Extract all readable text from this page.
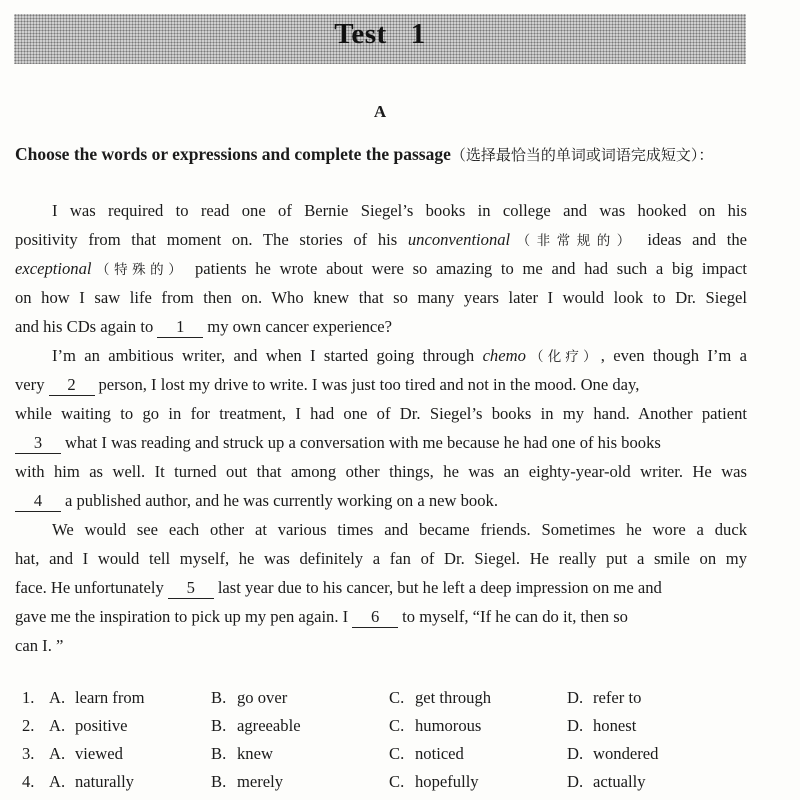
Test 1
A
Choose the words or expressions and complete the passage（选择最恰当的单词或词语完成短文）：
I was required to read one of Bernie Siegel’s books in college and was hooked on his
positivity from that moment on. The stories of his unconventional（非常规的） ideas and the
exceptional（特殊的） patients he wrote about were so amazing to me and had such a big impact
on how I saw life from then on. Who knew that so many years later I would look to Dr. Siegel
and his CDs again to 1 my own cancer experience?
I’m an ambitious writer, and when I started going through chemo（化疗）, even though I’m a
very 2 person, I lost my drive to write. I was just too tired and not in the mood. One day,
while waiting to go in for treatment, I had one of Dr. Siegel’s books in my hand. Another patient
3 what I was reading and struck up a conversation with me because he had one of his books
with him as well. It turned out that among other things, he was an eighty-year-old writer. He was
4 a published author, and he was currently working on a new book.
We would see each other at various times and became friends. Sometimes he wore a duck
hat, and I would tell myself, he was definitely a fan of Dr. Siegel. He really put a smile on my
face. He unfortunately 5 last year due to his cancer, but he left a deep impression on me and
gave me the inspiration to pick up my pen again. I 6 to myself, “If he can do it, then so
can I. ”
1. A. learn from	B. go over	C. get through	D. refer to
2. A. positive	B. agreeable	C. humorous	D. honest
3. A. viewed	B. knew	C. noticed	D. wondered
4. A. naturally	B. merely	C. hopefully	D. actually
